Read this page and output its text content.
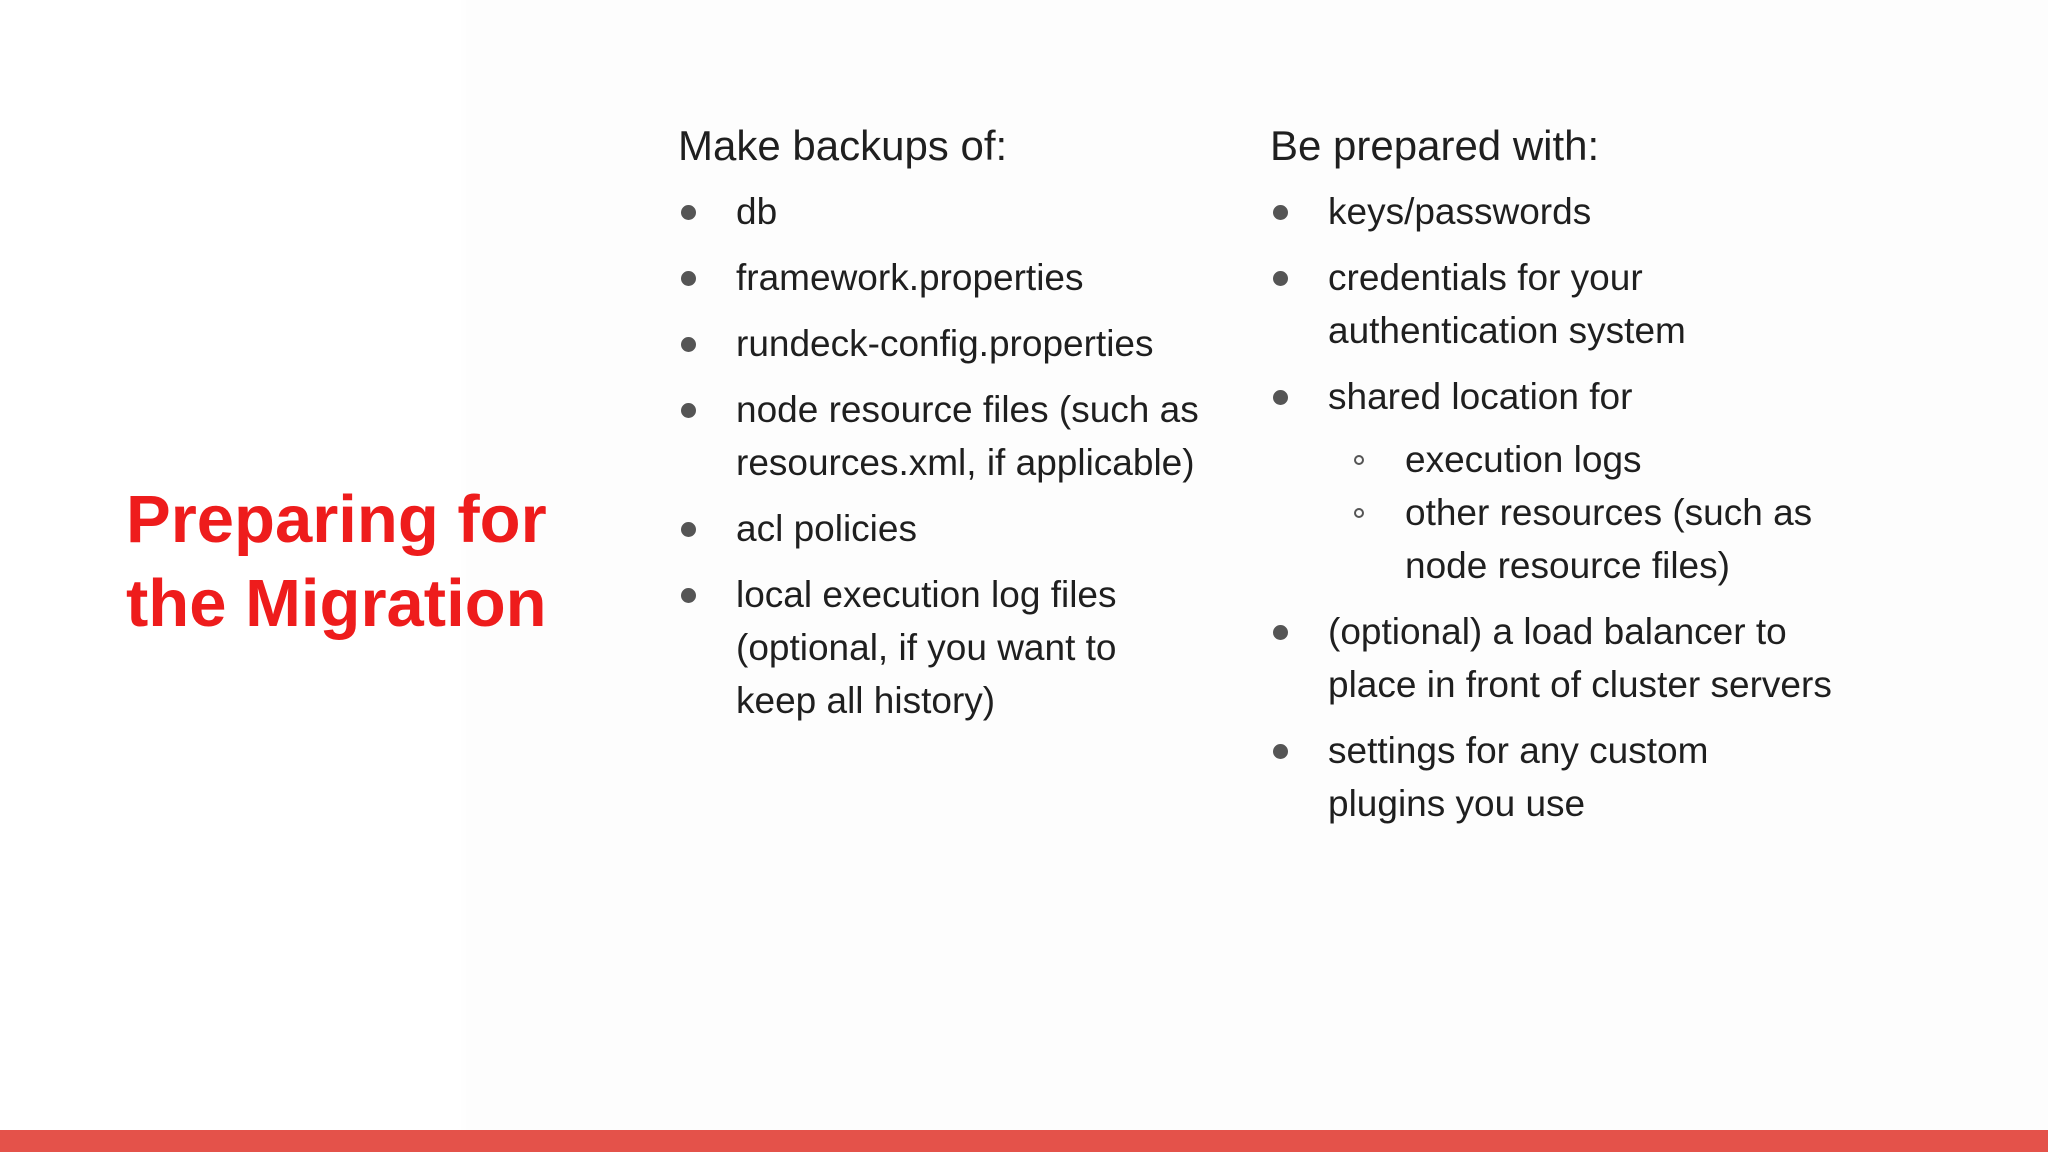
Preparing for
the Migration
Make backups of:
db
framework.properties
rundeck-config.properties
node resource files (such as resources.xml, if applicable)
acl policies
local execution log files (optional, if you want to keep all history)
Be prepared with:
keys/passwords
credentials for your authentication system
shared location for
execution logs
other resources (such as node resource files)
(optional) a load balancer to place in front of cluster servers
settings for any custom plugins you use
